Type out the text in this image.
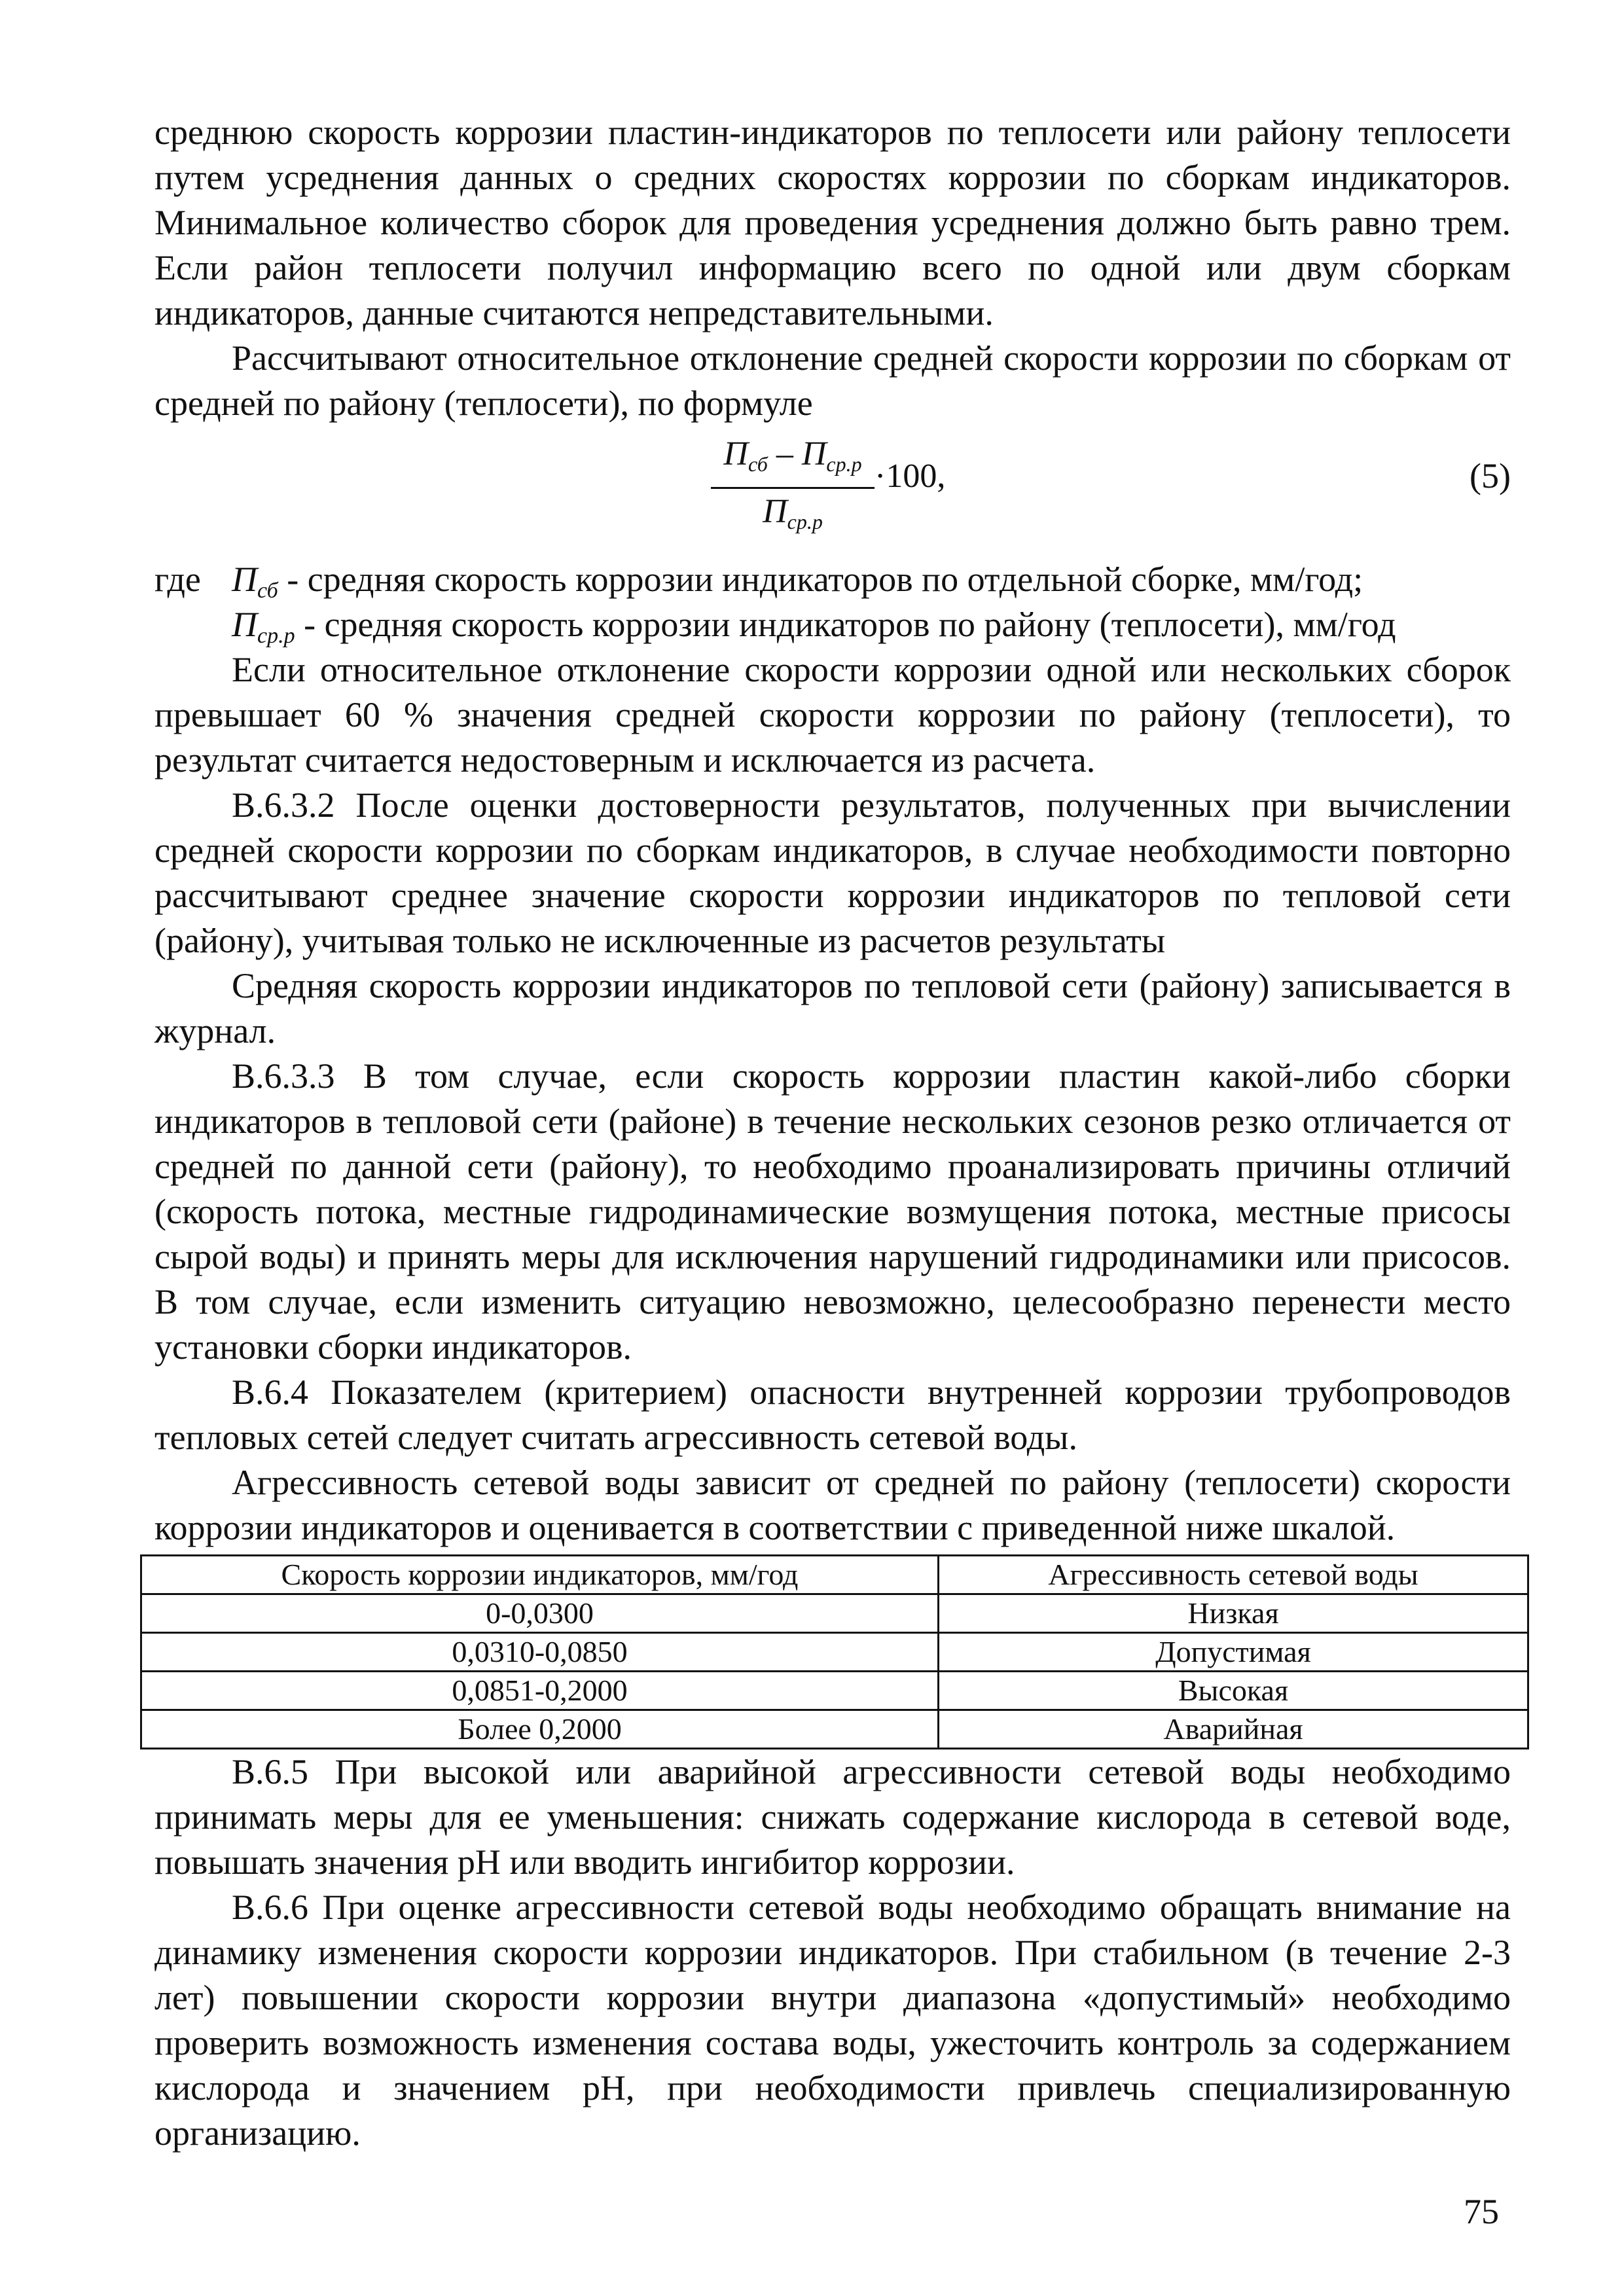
среднюю скорость коррозии пластин-индикаторов по теплосети или району теплосети путем усреднения данных о средних скоростях коррозии по сборкам индикаторов. Минимальное количество сборок для проведения усреднения должно быть равно трем. Если район теплосети получил информацию всего по одной или двум сборкам индикаторов, данные считаются непредставительными.

Рассчитывают относительное отклонение средней скорости коррозии по сборкам от средней по району (теплосети), по формуле

$П_{сб} - П_{ср.р}$
$П_{ср.р}$
·100,	(5)
где $П_{сб}$ - средняя скорость коррозии индикаторов по отдельной сборке, мм/год;
$П_{ср.р}$ - средняя скорость коррозии индикаторов по району (теплосети), мм/год

Если относительное отклонение скорости коррозии одной или нескольких сборок превышает 60 % значения средней скорости коррозии по району (теплосети), то результат считается недостоверным и исключается из расчета.

В.6.3.2 После оценки достоверности результатов, полученных при вычислении средней скорости коррозии по сборкам индикаторов, в случае необходимости повторно рассчитывают среднее значение скорости коррозии индикаторов по тепловой сети (району), учитывая только не исключенные из расчетов результаты

Средняя скорость коррозии индикаторов по тепловой сети (району) записывается в журнал.

В.6.3.3 В том случае, если скорость коррозии пластин какой-либо сборки индикаторов в тепловой сети (районе) в течение нескольких сезонов резко отличается от средней по данной сети (району), то необходимо проанализировать причины отличий (скорость потока, местные гидродинамические возмущения потока, местные присосы сырой воды) и принять меры для исключения нарушений гидродинамики или присосов. В том случае, если изменить ситуацию невозможно, целесообразно перенести место установки сборки индикаторов.

В.6.4 Показателем (критерием) опасности внутренней коррозии трубопроводов тепловых сетей следует считать агрессивность сетевой воды.

Агрессивность сетевой воды зависит от средней по району (теплосети) скорости коррозии индикаторов и оценивается в соответствии с приведенной ниже шкалой.

Скорость коррозии индикаторов, мм/год	Агрессивность сетевой воды
0-0,0300	Низкая
0,0310-0,0850	Допустимая
0,0851-0,2000	Высокая
Более 0,2000	Аварийная

В.6.5 При высокой или аварийной агрессивности сетевой воды необходимо принимать меры для ее уменьшения: снижать содержание кислорода в сетевой воде, повышать значения pH или вводить ингибитор коррозии.

В.6.6 При оценке агрессивности сетевой воды необходимо обращать внимание на динамику изменения скорости коррозии индикаторов. При стабильном (в течение 2-3 лет) повышении скорости коррозии внутри диапазона «допустимый» необходимо проверить возможность изменения состава воды, ужесточить контроль за содержанием кислорода и значением pH, при необходимости привлечь специализированную организацию.

75
